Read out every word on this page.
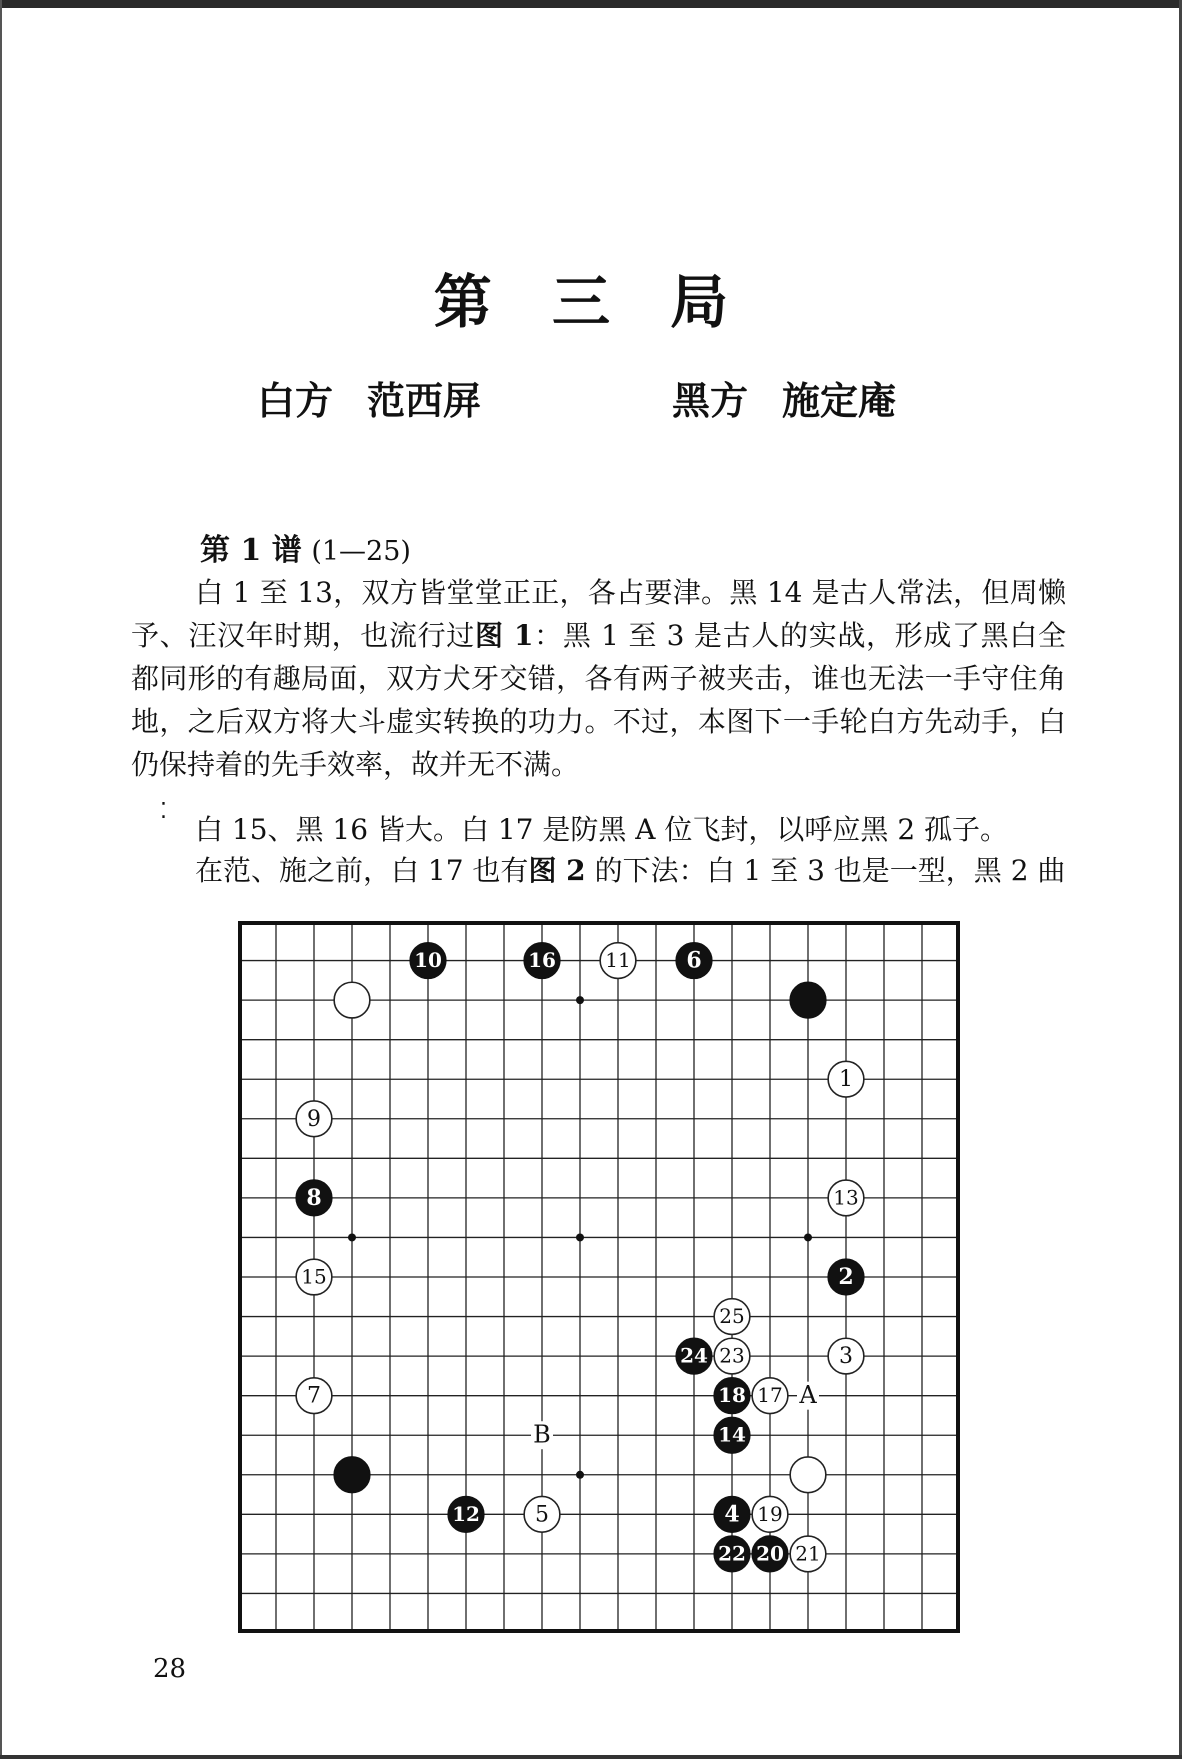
第 三 局
白方 范西屏	黑方 施定庵
第 1 谱 (1—25)
白 1 至 13，双方皆堂堂正正，各占要津。黑 14 是古人常法，但周懒予、汪汉年时期，也流行过图 1：黑 1 至 3 是古人的实战，形成了黑白全都同形的有趣局面，双方犬牙交错，各有两子被夹击，谁也无法一手守住角地，之后双方将大斗虚实转换的功力。不过，本图下一手轮白方先动手，白仍保持着的先手效率，故并无不满。
⁚
白 15、黑 16 皆大。白 17 是防黑 A 位飞封，以呼应黑 2 孤子。
在范、施之前，白 17 也有图 2 的下法：白 1 至 3 也是一型，黑 2 曲
10	16 11	6
1
9
8	13
15	2
25
24 23	3
7	18 17
14
12	5	4 19
22 20 21
A
B
28
